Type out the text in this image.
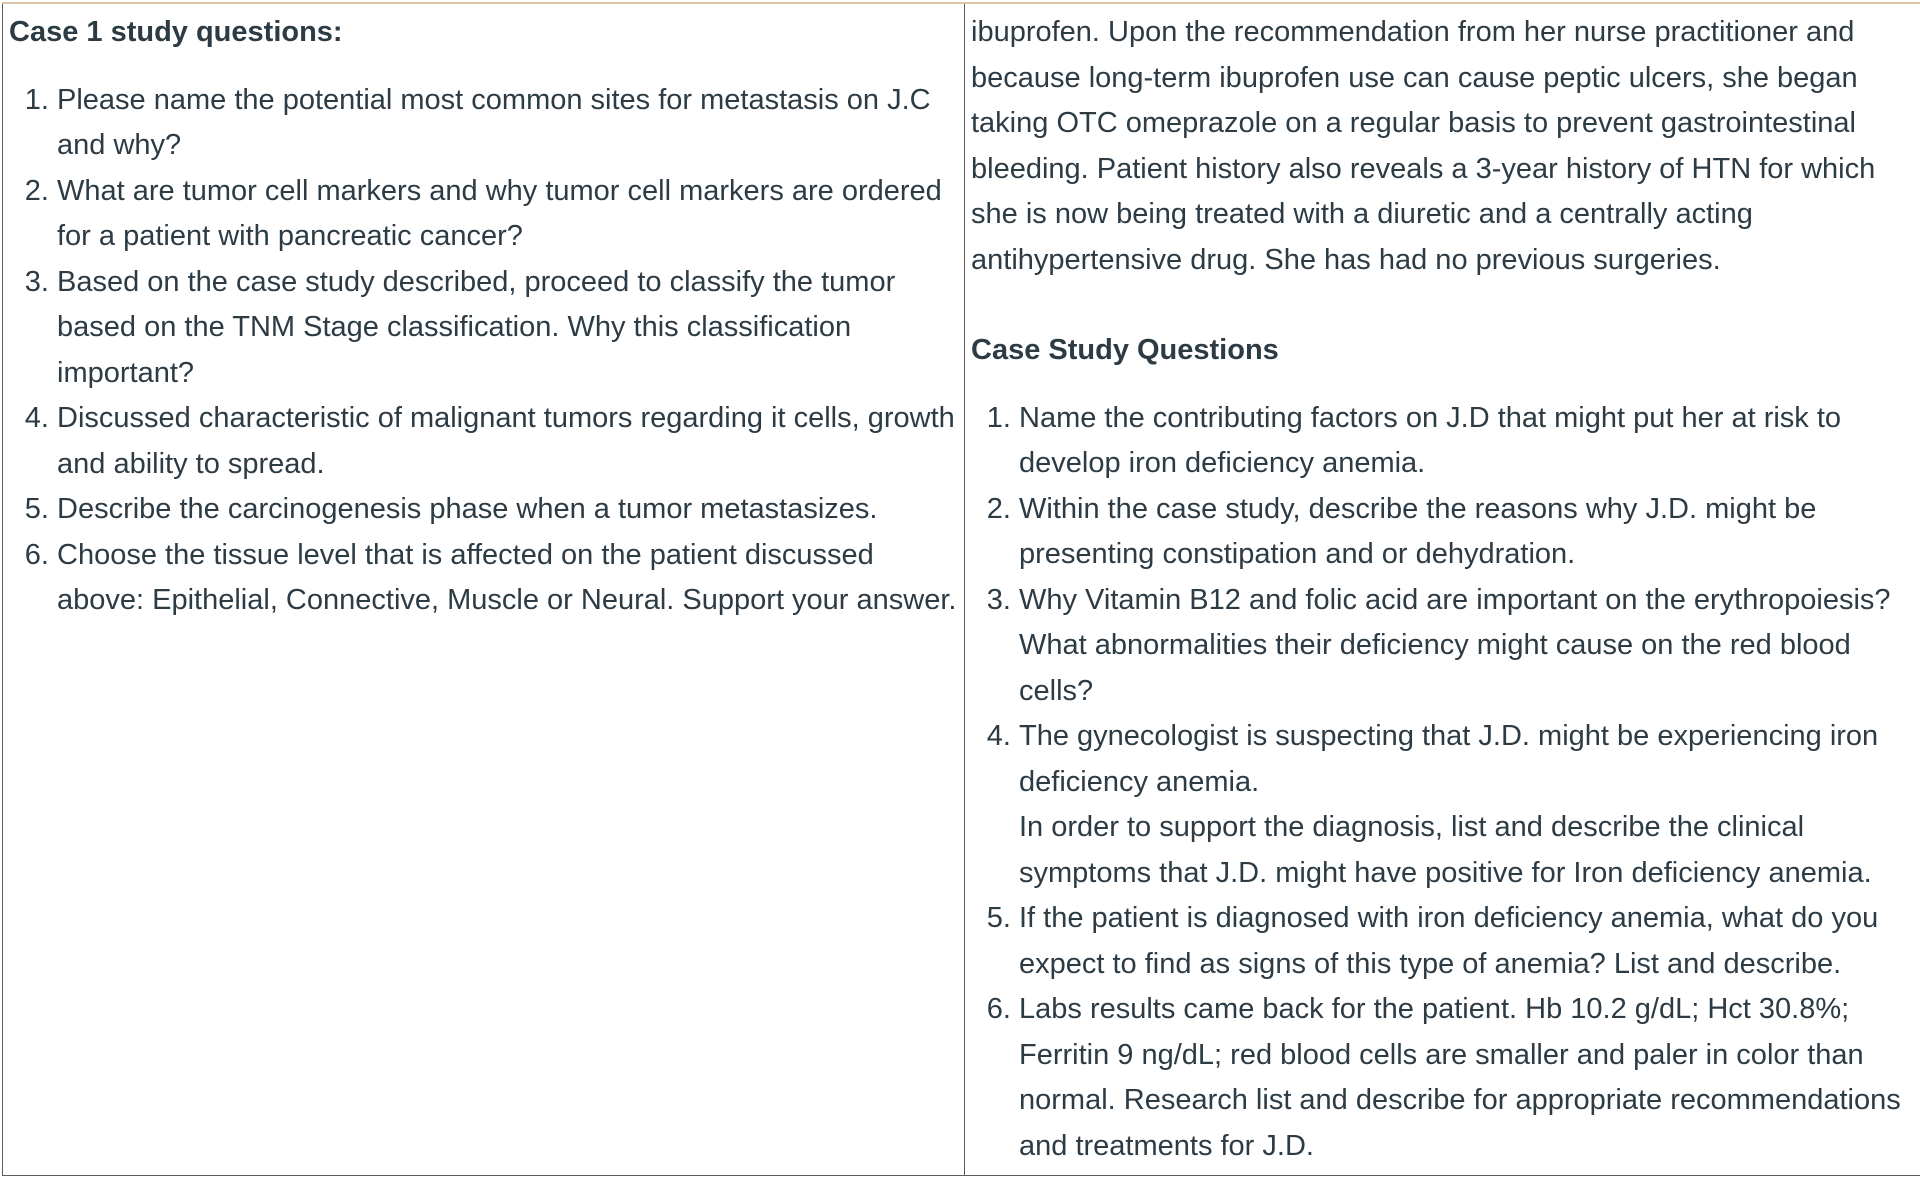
Case 1 study questions:

1. Please name the potential most common sites for metastasis on J.C and why?
2. What are tumor cell markers and why tumor cell markers are ordered for a patient with pancreatic cancer?
3. Based on the case study described, proceed to classify the tumor based on the TNM Stage classification. Why this classification important?
4. Discussed characteristic of malignant tumors regarding it cells, growth and ability to spread.
5. Describe the carcinogenesis phase when a tumor metastasizes.
6. Choose the tissue level that is affected on the patient discussed above: Epithelial, Connective, Muscle or Neural. Support your answer.

ibuprofen. Upon the recommendation from her nurse practitioner and because long-term ibuprofen use can cause peptic ulcers, she began taking OTC omeprazole on a regular basis to prevent gastrointestinal bleeding. Patient history also reveals a 3-year history of HTN for which she is now being treated with a diuretic and a centrally acting antihypertensive drug. She has had no previous surgeries.

Case Study Questions

1. Name the contributing factors on J.D that might put her at risk to develop iron deficiency anemia.
2. Within the case study, describe the reasons why J.D. might be presenting constipation and or dehydration.
3. Why Vitamin B12 and folic acid are important on the erythropoiesis? What abnormalities their deficiency might cause on the red blood cells?
4. The gynecologist is suspecting that J.D. might be experiencing iron deficiency anemia.
In order to support the diagnosis, list and describe the clinical symptoms that J.D. might have positive for Iron deficiency anemia.
5. If the patient is diagnosed with iron deficiency anemia, what do you expect to find as signs of this type of anemia? List and describe.
6. Labs results came back for the patient. Hb 10.2 g/dL; Hct 30.8%; Ferritin 9 ng/dL; red blood cells are smaller and paler in color than normal. Research list and describe for appropriate recommendations and treatments for J.D.
